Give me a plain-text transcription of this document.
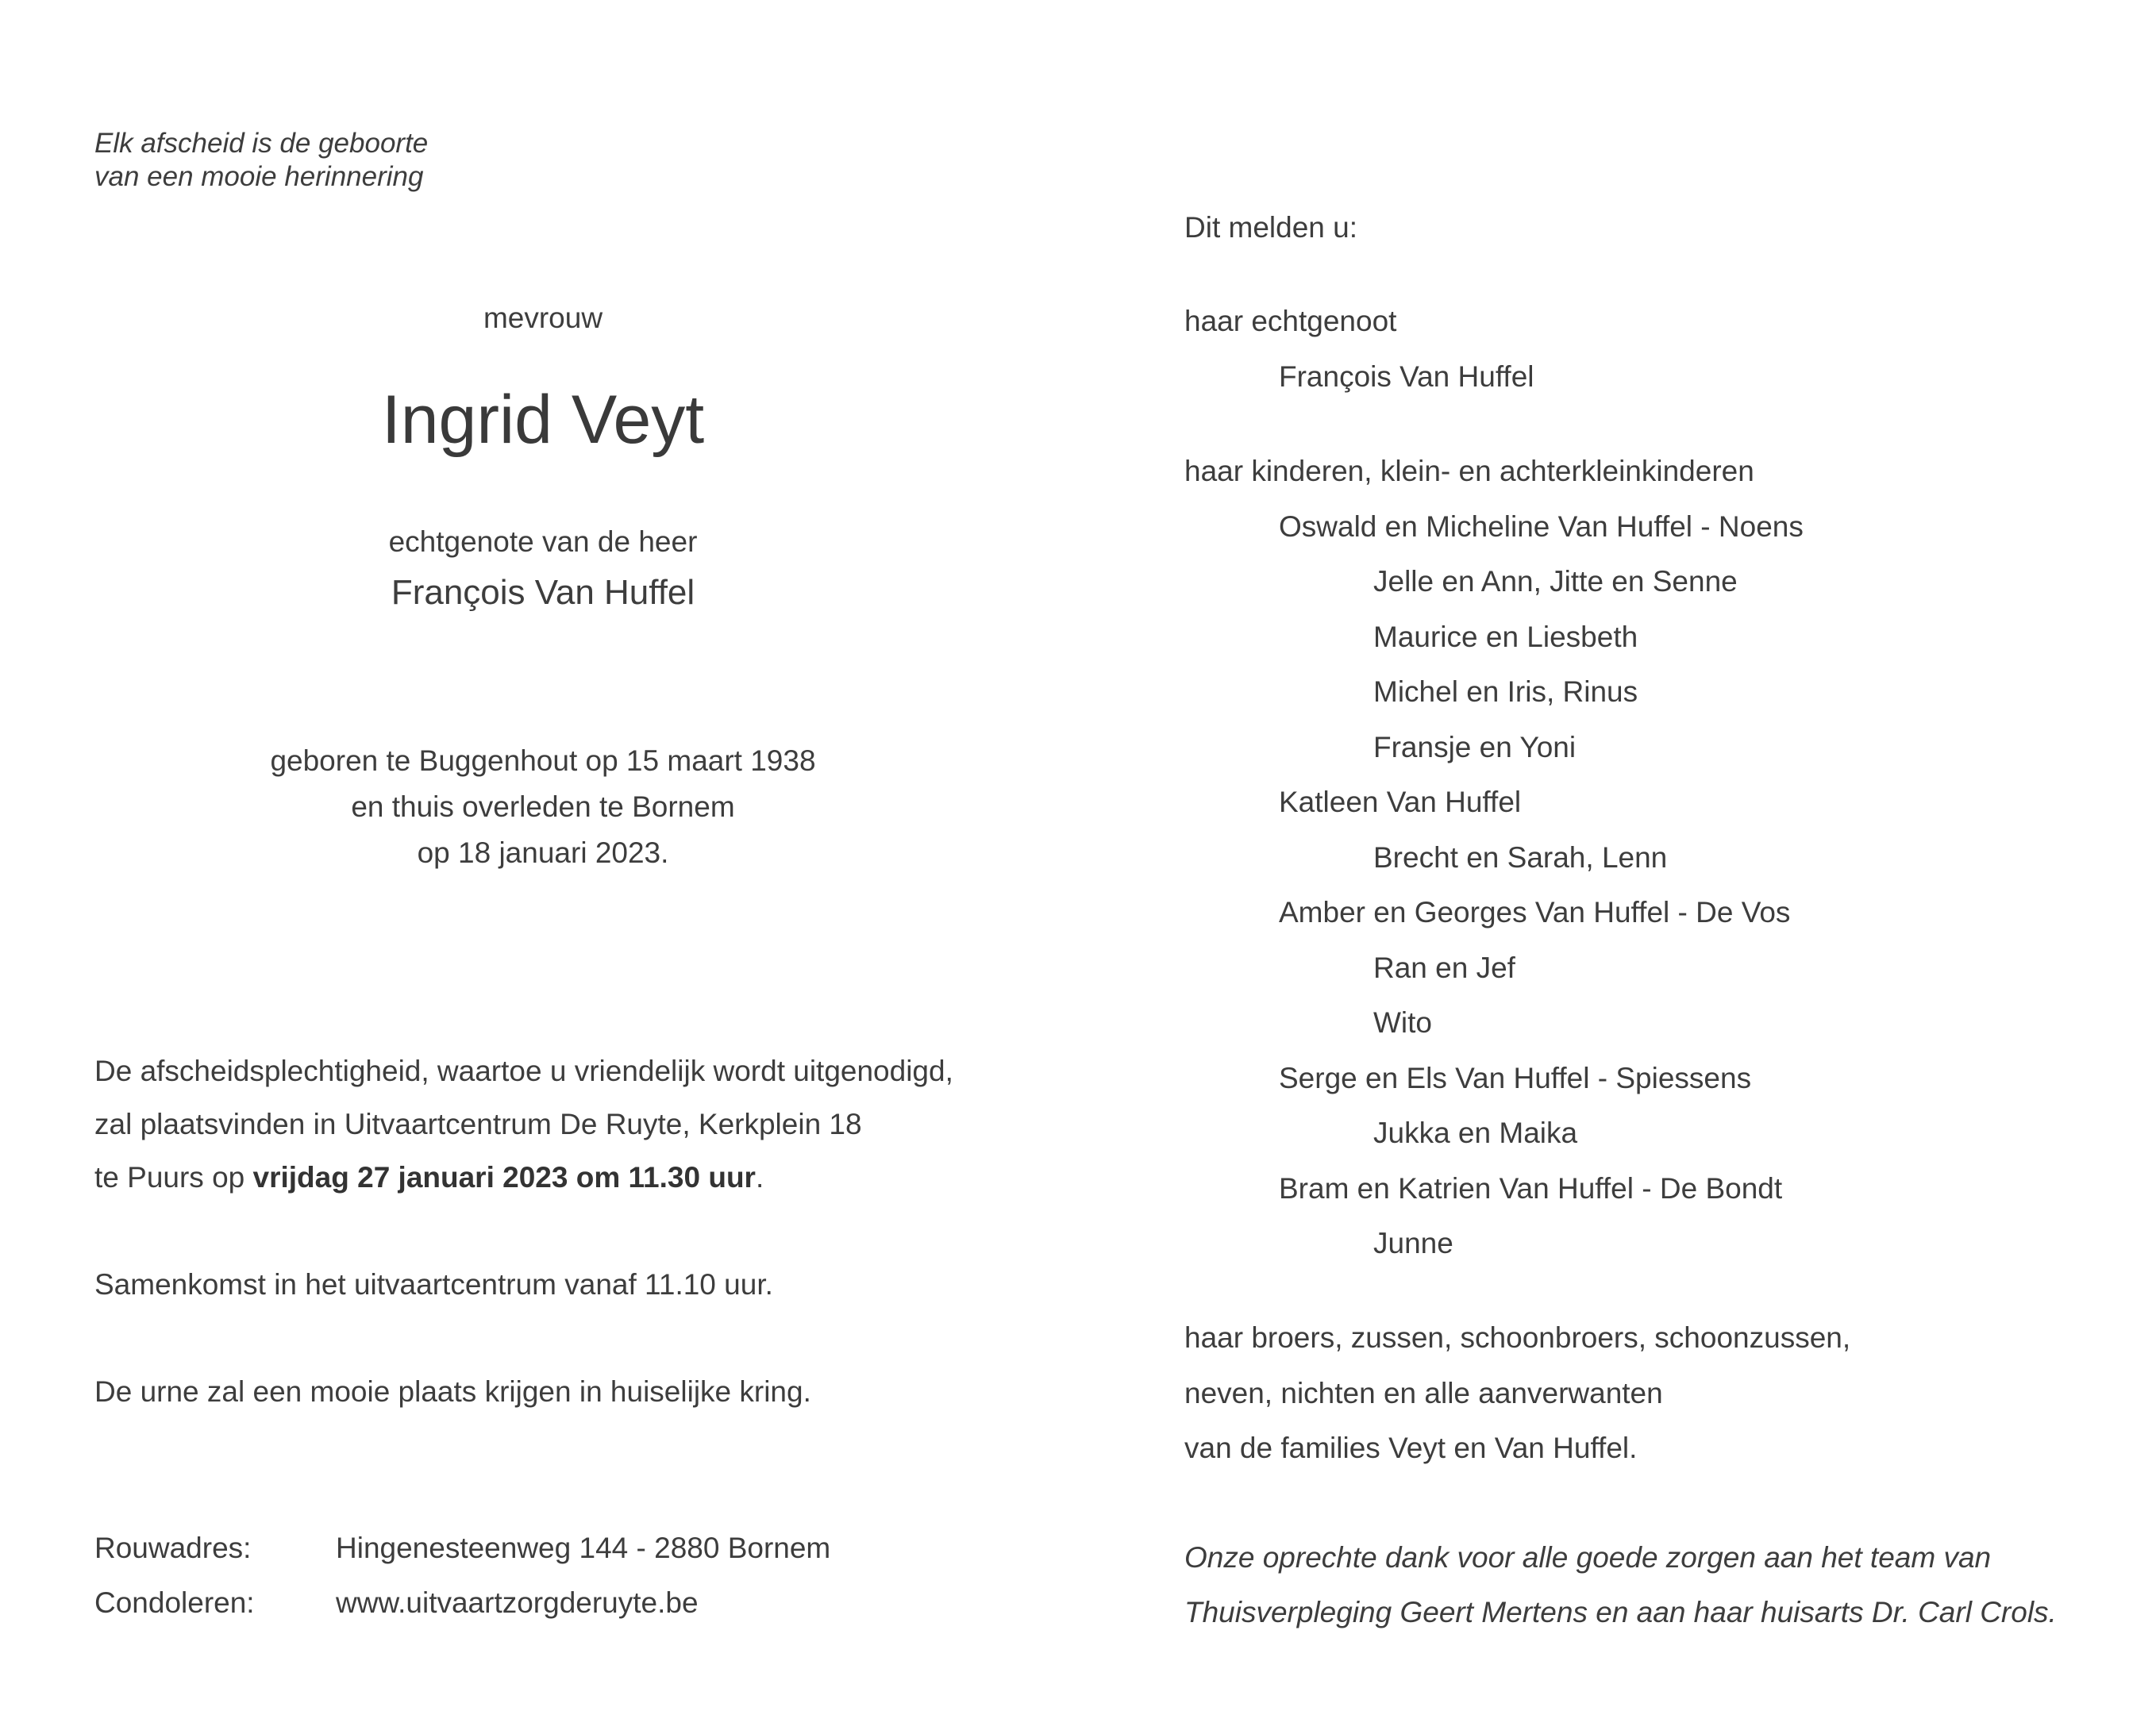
Elk afscheid is de geboorte
van een mooie herinnering
mevrouw
Ingrid Veyt
echtgenote van de heer
François Van Huffel
geboren te Buggenhout op 15 maart 1938
en thuis overleden te Bornem
op 18 januari 2023.
De afscheidsplechtigheid, waartoe u vriendelijk wordt uitgenodigd,
zal plaatsvinden in Uitvaartcentrum De Ruyte, Kerkplein 18
te Puurs op vrijdag 27 januari 2023 om 11.30 uur.
Samenkomst in het uitvaartcentrum vanaf 11.10 uur.
De urne zal een mooie plaats krijgen in huiselijke kring.
Rouwadres:	Hingenesteenweg 144 - 2880 Bornem
Condoleren:	www.uitvaartzorgderuyte.be
Dit melden u:
haar echtgenoot
François Van Huffel
haar kinderen, klein- en achterkleinkinderen
Oswald en Micheline Van Huffel - Noens
Jelle en Ann, Jitte en Senne
Maurice en Liesbeth
Michel en Iris, Rinus
Fransje en Yoni
Katleen Van Huffel
Brecht en Sarah, Lenn
Amber en Georges Van Huffel - De Vos
Ran en Jef
Wito
Serge en Els Van Huffel - Spiessens
Jukka en Maika
Bram en Katrien Van Huffel - De Bondt
Junne
haar broers, zussen, schoonbroers, schoonzussen,
neven, nichten en alle aanverwanten
van de families Veyt en Van Huffel.
Onze oprechte dank voor alle goede zorgen aan het team van
Thuisverpleging Geert Mertens en aan haar huisarts Dr. Carl Crols.
